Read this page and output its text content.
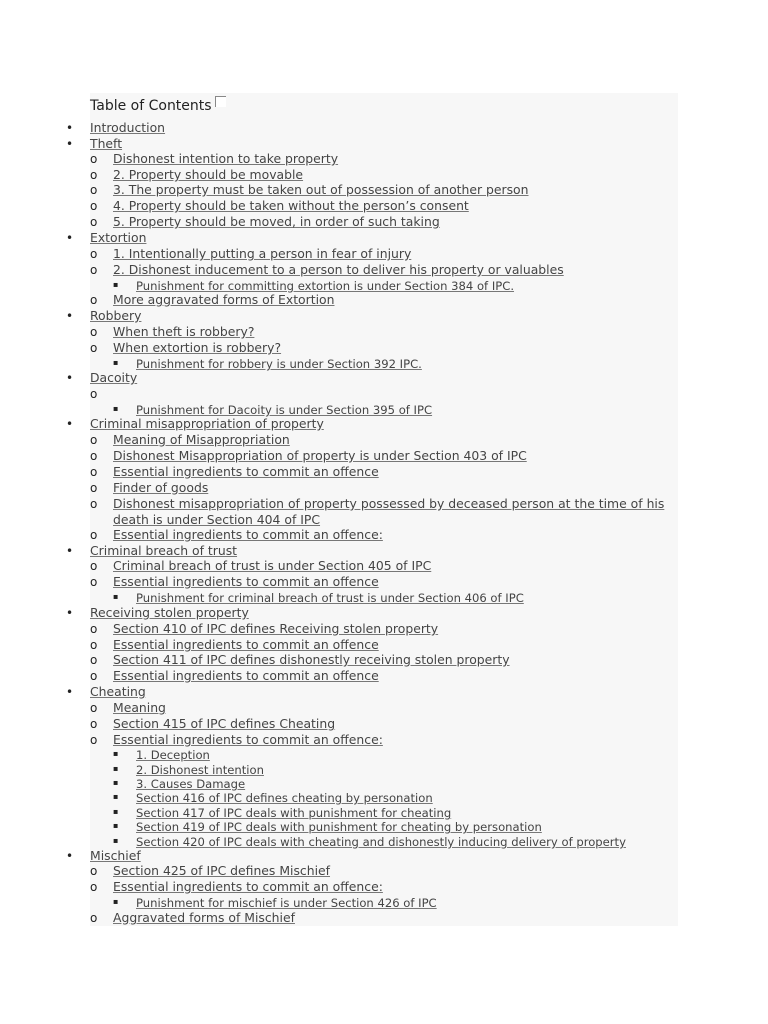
Table of Contents
•	Introduction
•	Theft
o	Dishonest intention to take property
o	2. Property should be movable
o	3. The property must be taken out of possession of another person
o	4. Property should be taken without the person’s consent
o	5. Property should be moved, in order of such taking
•	Extortion
o	1. Intentionally putting a person in fear of injury
o	2. Dishonest inducement to a person to deliver his property or valuables
▪	Punishment for committing extortion is under Section 384 of IPC.
o	More aggravated forms of Extortion
•	Robbery
o	When theft is robbery?
o	When extortion is robbery?
▪	Punishment for robbery is under Section 392 IPC.
•	Dacoity
o
▪	Punishment for Dacoity is under Section 395 of IPC
•	Criminal misappropriation of property
o	Meaning of Misappropriation
o	Dishonest Misappropriation of property is under Section 403 of IPC
o	Essential ingredients to commit an offence
o	Finder of goods
o	Dishonest misappropriation of property possessed by deceased person at the time of his
death is under Section 404 of IPC
o	Essential ingredients to commit an offence:
•	Criminal breach of trust
o	Criminal breach of trust is under Section 405 of IPC
o	Essential ingredients to commit an offence
▪	Punishment for criminal breach of trust is under Section 406 of IPC
•	Receiving stolen property
o	Section 410 of IPC defines Receiving stolen property
o	Essential ingredients to commit an offence
o	Section 411 of IPC defines dishonestly receiving stolen property
o	Essential ingredients to commit an offence
•	Cheating
o	Meaning
o	Section 415 of IPC defines Cheating
o	Essential ingredients to commit an offence:
▪	1. Deception
▪	2. Dishonest intention
▪	3. Causes Damage
▪	Section 416 of IPC defines cheating by personation
▪	Section 417 of IPC deals with punishment for cheating
▪	Section 419 of IPC deals with punishment for cheating by personation
▪	Section 420 of IPC deals with cheating and dishonestly inducing delivery of property
•	Mischief
o	Section 425 of IPC defines Mischief
o	Essential ingredients to commit an offence:
▪	Punishment for mischief is under Section 426 of IPC
o	Aggravated forms of Mischief
